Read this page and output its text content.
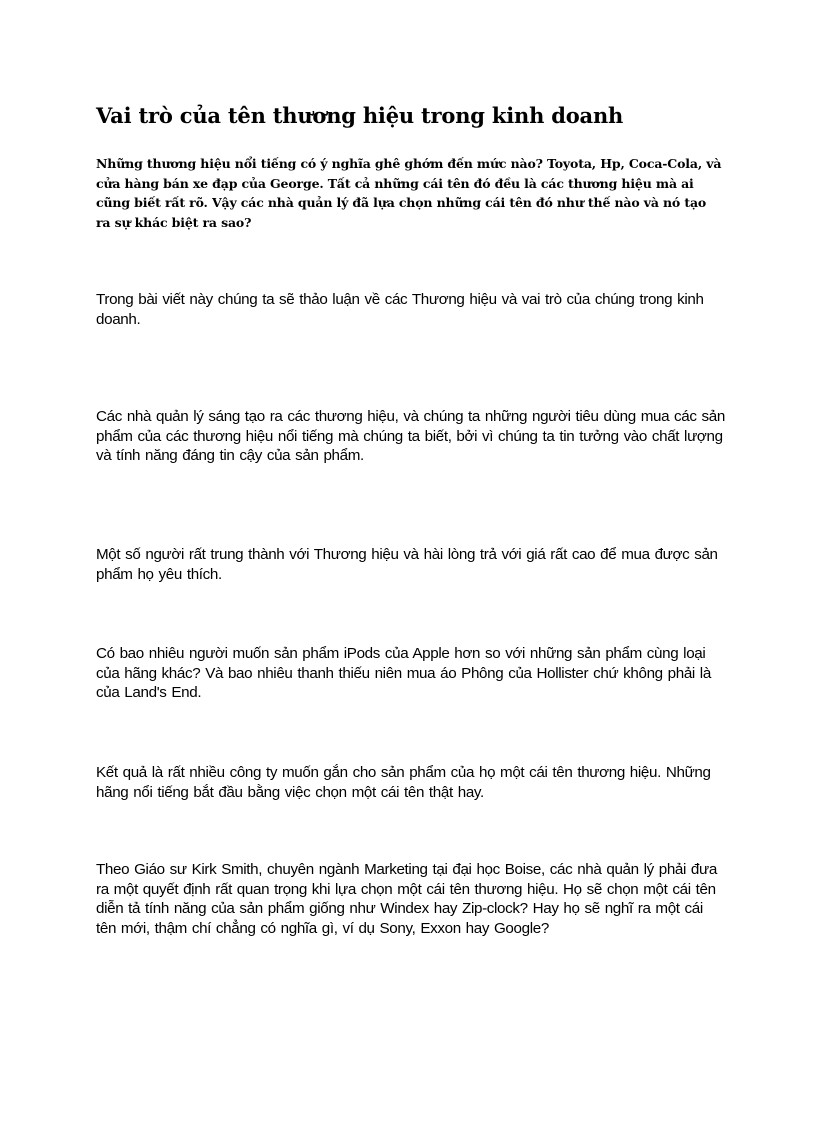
Vai trò của tên thương hiệu trong kinh doanh

Những thương hiệu nổi tiếng có ý nghĩa ghê ghớm đến mức nào? Toyota, Hp, Coca-Cola, và cửa hàng bán xe đạp của George. Tất cả những cái tên đó đều là các thương hiệu mà ai cũng biết rất rõ. Vậy các nhà quản lý đã lựa chọn những cái tên đó như thế nào và nó tạo ra sự khác biệt ra sao?

Trong bài viết này chúng ta sẽ thảo luận về các Thương hiệu và vai trò của chúng trong kinh doanh.

Các nhà quản lý sáng tạo ra các thương hiệu, và chúng ta những người tiêu dùng mua các sản phẩm của các thương hiệu nổi tiếng mà chúng ta biết, bởi vì chúng ta tin tưởng vào chất lượng và tính năng đáng tin cậy của sản phẩm.

Một số người rất trung thành với Thương hiệu và hài lòng trả với giá rất cao để mua được sản phẩm họ yêu thích.

Có bao nhiêu người muốn sản phẩm iPods của Apple hơn so với những sản phẩm cùng loại của hãng khác? Và bao nhiêu thanh thiếu niên mua áo Phông của Hollister chứ không phải là của Land's End.

Kết quả là rất nhiều công ty muốn gắn cho sản phẩm của họ một cái tên thương hiệu. Những hãng nổi tiếng bắt đầu bằng việc chọn một cái tên thật hay.

Theo Giáo sư Kirk Smith, chuyên ngành Marketing tại đại học Boise, các nhà quản lý phải đưa ra một quyết định rất quan trọng khi lựa chọn một cái tên thương hiệu. Họ sẽ chọn một cái tên diễn tả tính năng của sản phẩm giống như Windex hay Zip-clock? Hay họ sẽ nghĩ ra một cái tên mới, thậm chí chẳng có nghĩa gì, ví dụ Sony, Exxon hay Google?
